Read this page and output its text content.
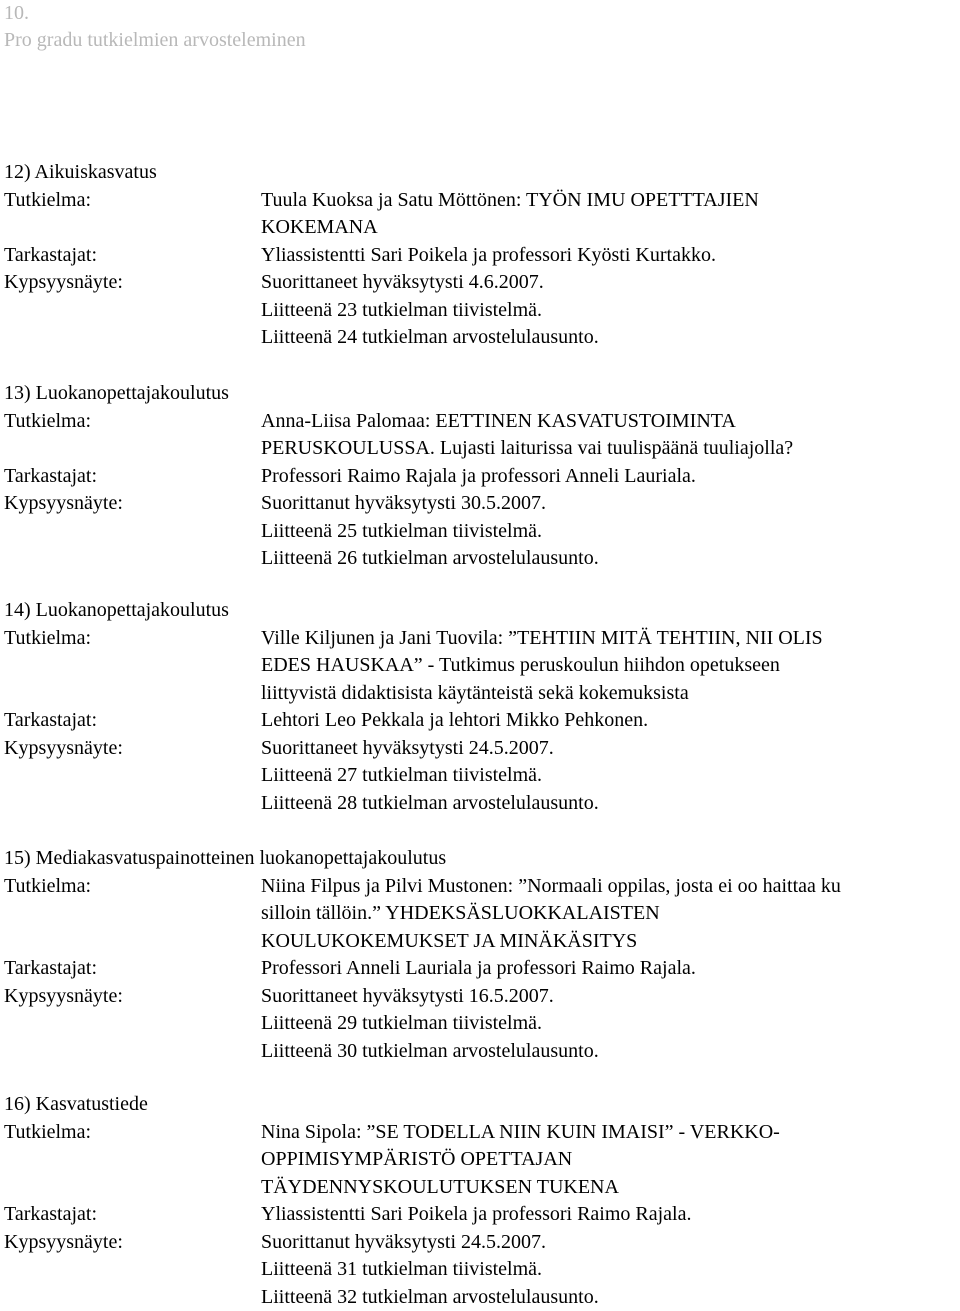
10.
Pro gradu tutkielmien arvosteleminen
12) Aikuiskasvatus
Tutkielma:	Tuula Kuoksa ja Satu Möttönen: TYÖN IMU OPETTTAJIEN
KOKEMANA
Tarkastajat:	Yliassistentti Sari Poikela ja professori Kyösti Kurtakko.
Kypsyysnäyte:	Suorittaneet hyväksytysti 4.6.2007.
Liitteenä 23 tutkielman tiivistelmä.
Liitteenä 24 tutkielman arvostelulausunto.
13) Luokanopettajakoulutus
Tutkielma:	Anna-Liisa Palomaa: EETTINEN KASVATUSTOIMINTA
PERUSKOULUSSA. Lujasti laiturissa vai tuulispäänä tuuliajolla?
Tarkastajat:	Professori Raimo Rajala ja professori Anneli Lauriala.
Kypsyysnäyte:	Suorittanut hyväksytysti 30.5.2007.
Liitteenä 25 tutkielman tiivistelmä.
Liitteenä 26 tutkielman arvostelulausunto.
14) Luokanopettajakoulutus
Tutkielma:	Ville Kiljunen ja Jani Tuovila: ”TEHTIIN MITÄ TEHTIIN, NII OLIS
EDES HAUSKAA” - Tutkimus peruskoulun hiihdon opetukseen
liittyvistä didaktisista käytänteistä sekä kokemuksista
Tarkastajat:	Lehtori Leo Pekkala ja lehtori Mikko Pehkonen.
Kypsyysnäyte:	Suorittaneet hyväksytysti 24.5.2007.
Liitteenä 27 tutkielman tiivistelmä.
Liitteenä 28 tutkielman arvostelulausunto.
15) Mediakasvatuspainotteinen luokanopettajakoulutus
Tutkielma:	Niina Filpus ja Pilvi Mustonen: ”Normaali oppilas, josta ei oo haittaa ku
silloin tällöin.” YHDEKSÄSLUOKKALAISTEN
KOULUKOKEMUKSET JA MINÄKÄSITYS
Tarkastajat:	Professori Anneli Lauriala ja professori Raimo Rajala.
Kypsyysnäyte:	Suorittaneet hyväksytysti 16.5.2007.
Liitteenä 29 tutkielman tiivistelmä.
Liitteenä 30 tutkielman arvostelulausunto.
16) Kasvatustiede
Tutkielma:	Nina Sipola: ”SE TODELLA NIIN KUIN IMAISI” - VERKKO-
OPPIMISYMPÄRISTÖ OPETTAJAN
TÄYDENNYSKOULUTUKSEN TUKENA
Tarkastajat:	Yliassistentti Sari Poikela ja professori Raimo Rajala.
Kypsyysnäyte:	Suorittanut hyväksytysti 24.5.2007.
Liitteenä 31 tutkielman tiivistelmä.
Liitteenä 32 tutkielman arvostelulausunto.
